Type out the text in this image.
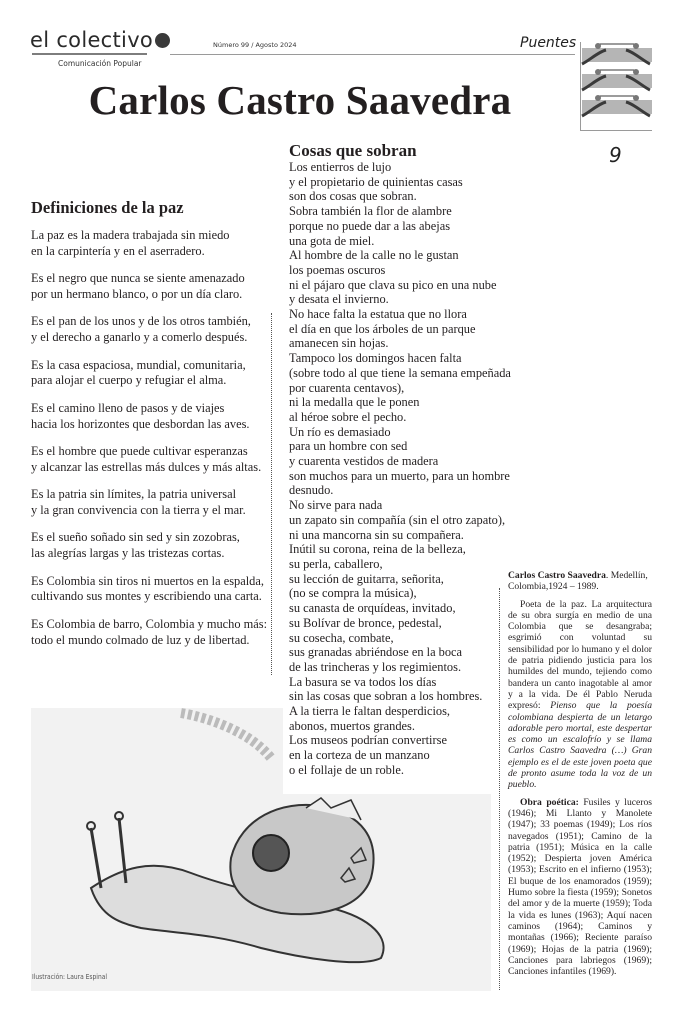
el colectivo
Comunicación Popular
Número 99 / Agosto 2024	Puentes
9
Carlos Castro Saavedra
Definiciones de la paz
La paz es la madera trabajada sin miedo
en la carpintería y en el aserradero.
Es el negro que nunca se siente amenazado
por un hermano blanco, o por un día claro.
Es el pan de los unos y de los otros también,
y el derecho a ganarlo y a comerlo después.
Es la casa espaciosa, mundial, comunitaria,
para alojar el cuerpo y refugiar el alma.
Es el camino lleno de pasos y de viajes
hacia los horizontes que desbordan las aves.
Es el hombre que puede cultivar esperanzas
y alcanzar las estrellas más dulces y más altas.
Es la patria sin límites, la patria universal
y la gran convivencia con la tierra y el mar.
Es el sueño soñado sin sed y sin zozobras,
las alegrías largas y las tristezas cortas.
Es Colombia sin tiros ni muertos en la espalda,
cultivando sus montes y escribiendo una carta.
Es Colombia de barro, Colombia y mucho más:
todo el mundo colmado de luz y de libertad.
Ilustración: Laura Espinal
Cosas que sobran
Los entierros de lujo
y el propietario de quinientas casas
son dos cosas que sobran.
Sobra también la flor de alambre
porque no puede dar a las abejas
una gota de miel.
Al hombre de la calle no le gustan
los poemas oscuros
ni el pájaro que clava su pico en una nube
y desata el invierno.
No hace falta la estatua que no llora
el día en que los árboles de un parque
amanecen sin hojas.
Tampoco los domingos hacen falta
(sobre todo al que tiene la semana empeñada
por cuarenta centavos),
ni la medalla que le ponen
al héroe sobre el pecho.
Un río es demasiado
para un hombre con sed
y cuarenta vestidos de madera
son muchos para un muerto, para un hombre
desnudo.
No sirve para nada
un zapato sin compañía (sin el otro zapato),
ni una mancorna sin su compañera.
Inútil su corona, reina de la belleza,
su perla, caballero,
su lección de guitarra, señorita,
(no se compra la música),
su canasta de orquídeas, invitado,
su Bolívar de bronce, pedestal,
su cosecha, combate,
sus granadas abriéndose en la boca
de las trincheras y los regimientos.
La basura se va todos los días
sin las cosas que sobran a los hombres.
A la tierra le faltan desperdicios,
abonos, muertos grandes.
Los museos podrían convertirse
en la corteza de un manzano
o el follaje de un roble.

Carlos Castro Saavedra. Medellín, Colombia,1924 – 1989.

Poeta de la paz. La arquitectura de su obra surgía en medio de una Colombia que se desangraba; esgrimió con voluntad su sensibilidad por lo humano y el dolor de patria pidiendo justicia para los humildes del mundo, tejiendo como bandera un canto inagotable al amor y a la vida. De él Pablo Neruda expresó: Pienso que la poesía colombiana despierta de un letargo adorable pero mortal, este despertar es como un escalofrío y se llama Carlos Castro Saavedra (…) Gran ejemplo es el de este joven poeta que de pronto asume toda la voz de un pueblo.

Obra poética: Fusiles y luceros (1946); Mi Llanto y Manolete (1947); 33 poemas (1949); Los ríos navegados (1951); Camino de la patria (1951); Música en la calle (1952); Despierta joven América (1953); Escrito en el infierno (1953); El buque de los enamorados (1959); Humo sobre la fiesta (1959); Sonetos del amor y de la muerte (1959); Toda la vida es lunes (1963); Aquí nacen caminos (1964); Caminos y montañas (1966); Reciente paraíso (1969); Hojas de la patria (1969); Canciones para labriegos (1969); Canciones infantiles (1969).
